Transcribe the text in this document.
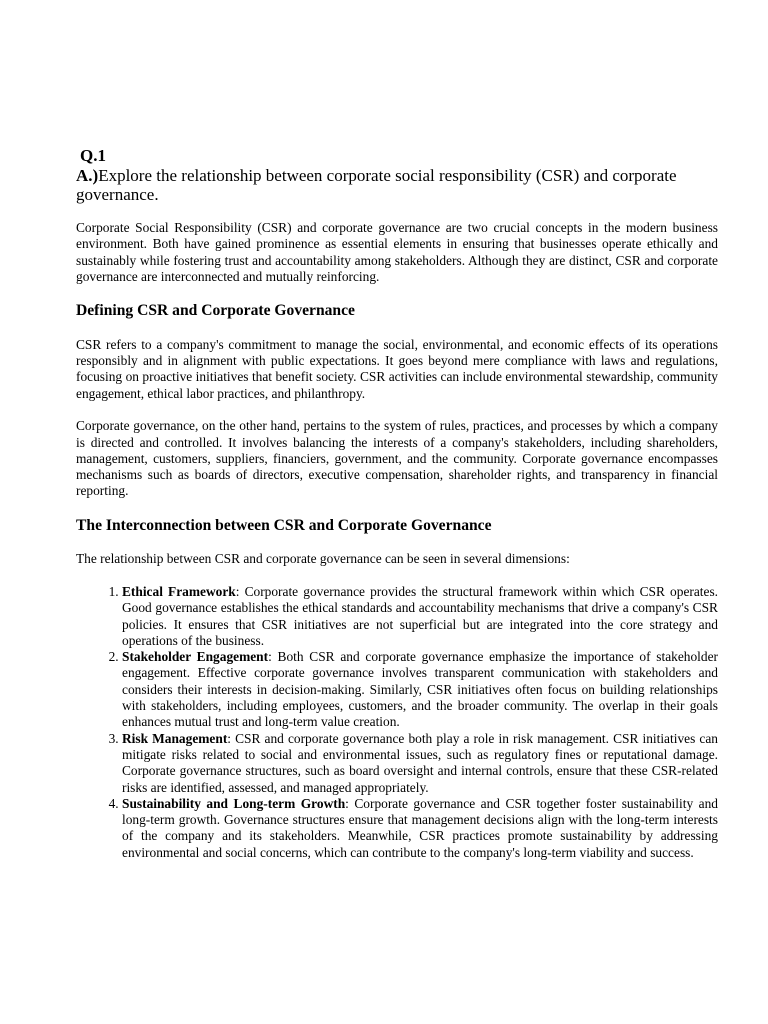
Q.1
A.)Explore the relationship between corporate social responsibility (CSR) and corporate governance.

Corporate Social Responsibility (CSR) and corporate governance are two crucial concepts in the modern business environment. Both have gained prominence as essential elements in ensuring that businesses operate ethically and sustainably while fostering trust and accountability among stakeholders. Although they are distinct, CSR and corporate governance are interconnected and mutually reinforcing.

Defining CSR and Corporate Governance

CSR refers to a company's commitment to manage the social, environmental, and economic effects of its operations responsibly and in alignment with public expectations. It goes beyond mere compliance with laws and regulations, focusing on proactive initiatives that benefit society. CSR activities can include environmental stewardship, community engagement, ethical labor practices, and philanthropy.

Corporate governance, on the other hand, pertains to the system of rules, practices, and processes by which a company is directed and controlled. It involves balancing the interests of a company's stakeholders, including shareholders, management, customers, suppliers, financiers, government, and the community. Corporate governance encompasses mechanisms such as boards of directors, executive compensation, shareholder rights, and transparency in financial reporting.

The Interconnection between CSR and Corporate Governance

The relationship between CSR and corporate governance can be seen in several dimensions:

1. Ethical Framework: Corporate governance provides the structural framework within which CSR operates. Good governance establishes the ethical standards and accountability mechanisms that drive a company's CSR policies. It ensures that CSR initiatives are not superficial but are integrated into the core strategy and operations of the business.
2. Stakeholder Engagement: Both CSR and corporate governance emphasize the importance of stakeholder engagement. Effective corporate governance involves transparent communication with stakeholders and considers their interests in decision-making. Similarly, CSR initiatives often focus on building relationships with stakeholders, including employees, customers, and the broader community. The overlap in their goals enhances mutual trust and long-term value creation.
3. Risk Management: CSR and corporate governance both play a role in risk management. CSR initiatives can mitigate risks related to social and environmental issues, such as regulatory fines or reputational damage. Corporate governance structures, such as board oversight and internal controls, ensure that these CSR-related risks are identified, assessed, and managed appropriately.
4. Sustainability and Long-term Growth: Corporate governance and CSR together foster sustainability and long-term growth. Governance structures ensure that management decisions align with the long-term interests of the company and its stakeholders. Meanwhile, CSR practices promote sustainability by addressing environmental and social concerns, which can contribute to the company's long-term viability and success.
